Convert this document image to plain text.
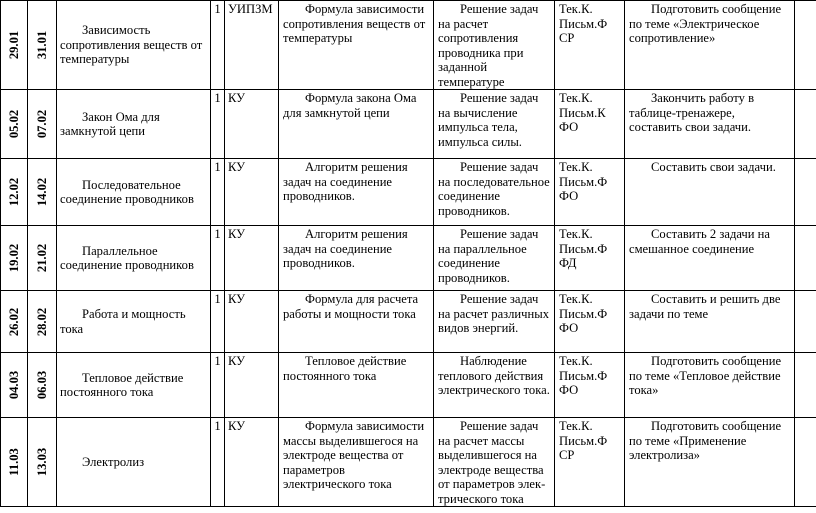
29.01	31.01	Зависимость сопротивления веществ от температуры	1	УИПЗМ	Формула зависимости сопротивления веществ от температуры	Решение задач на расчет сопротивления проводника при заданной температуре	Тек.К. Письм.Ф СР	Подготовить сообщение по теме «Электрическое сопротивление»	

05.02	07.02	Закон Ома для замкнутой цепи	1	КУ	Формула закона Ома для замкнутой цепи	Решение задач на вычисление импульса тела, импульса силы.	Тек.К. Письм.К ФО	Закончить работу в таблице-тренажере, составить свои задачи.	

12.02	14.02	Последовательное соединение проводников	1	КУ	Алгоритм решения задач на соединение проводников.	Решение задач на последовательное соединение проводников.	Тек.К. Письм.Ф ФО	Составить свои задачи.	

19.02	21.02	Параллельное соединение проводников	1	КУ	Алгоритм решения задач на соединение проводников.	Решение задач на параллельное соединение проводников.	Тек.К. Письм.Ф ФД	Составить 2 задачи на смешанное соединение	

26.02	28.02	Работа и мощность тока	1	КУ	Формула для расчета работы и мощности тока	Решение задач на расчет различных видов энергий.	Тек.К. Письм.Ф ФО	Составить и решить две задачи по теме	

04.03	06.03	Тепловое действие постоянного тока	1	КУ	Тепловое действие постоянного тока	Наблюдение теплового действия электрического тока.	Тек.К. Письм.Ф ФО	Подготовить сообщение по теме «Тепловое действие тока»	

11.03	13.03	Электролиз	1	КУ	Формула зависимости массы выделившегося на электроде вещества от параметров электрического тока	Решение задач на расчет массы выделившегося на электроде вещества от параметров элек-трического тока	Тек.К. Письм.Ф СР	Подготовить сообщение по теме «Применение электролиза»	
